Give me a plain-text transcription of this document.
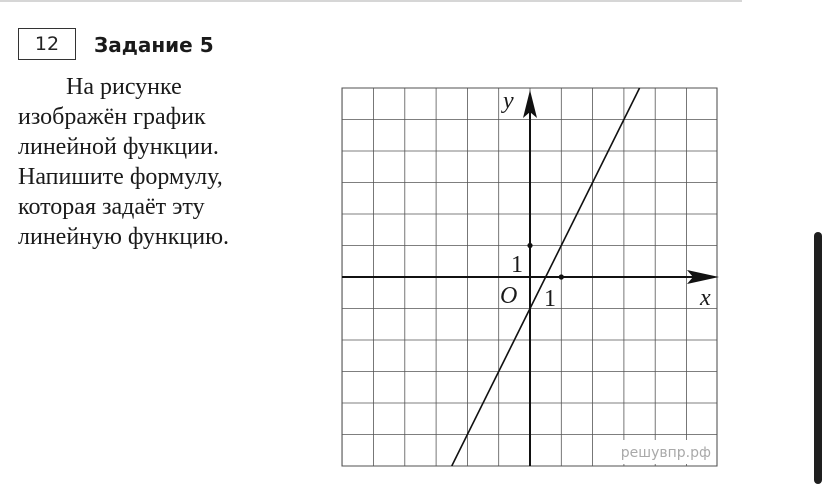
12 Задание 5
На рисунке
изображён график
линейной функции.
Напишите формулу,
которая задаёт эту
линейную функцию.
x
y
O 1
1
решувпр.рф
